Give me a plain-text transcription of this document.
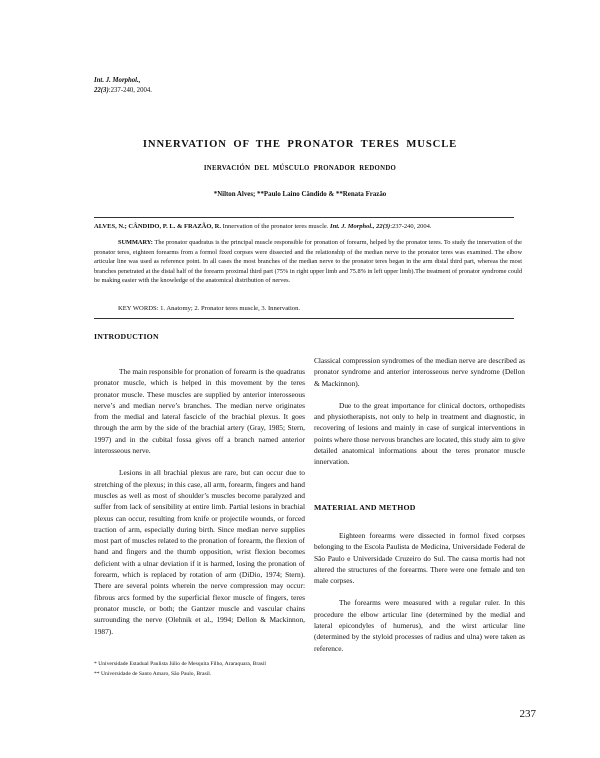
Int. J. Morphol.,
22(3):237-240, 2004.
INNERVATION OF THE PRONATOR TERES MUSCLE
INERVACIÓN DEL MÚSCULO PRONADOR REDONDO
*Nilton Alves; **Paulo Laino Cândido & **Renata Frazão
ALVES, N.; CÂNDIDO, P. L. & FRAZÃO, R. Innervation of the pronator teres muscle. Int. J. Morphol., 22(3):237-240, 2004.
SUMMARY: The pronator quadratus is the principal muscle responsible for pronation of forearm, helped by the pronator teres. To study the innervation of the pronator teres, eighteen forearms from a formol fixed corpses were dissected and the relationship of the median nerve to the pronator teres was examined. The elbow articular line was used as reference point. In all cases the most branches of the median nerve to the pronator teres began in the arm distal third part, whereas the most branches penetrated at the distal half of the forearm proximal third part (75% in right upper limb and 75.8% in left upper limb).The treatment of pronator syndrome could be making easier with the knowledge of the anatomical distribution of nerves.
KEY WORDS: 1. Anatomy; 2. Pronator teres muscle, 3. Innervation.
INTRODUCTION

The main responsible for pronation of forearm is the quadratus pronator muscle, which is helped in this movement by the teres pronator muscle. These muscles are supplied by anterior interosseous nerve’s and median nerve’s branches. The median nerve originates from the medial and lateral fascicle of the brachial plexus. It goes through the arm by the side of the brachial artery (Gray, 1985; Stern, 1997) and in the cubital fossa gives off a branch named anterior interosseous nerve.

Lesions in all brachial plexus are rare, but can occur due to stretching of the plexus; in this case, all arm, forearm, fingers and hand muscles as well as most of shoulder’s muscles become paralyzed and suffer from lack of sensibility at entire limb. Partial lesions in brachial plexus can occur, resulting from knife or projectile wounds, or forced traction of arm, especially during birth. Since median nerve supplies most part of muscles related to the pronation of forearm, the flexion of hand and fingers and the thumb opposition, wrist flexion becomes deficient with a ulnar deviation if it is harmed, losing the pronation of forearm, which is replaced by rotation of arm (DiDio, 1974; Stern). There are several points wherein the nerve compression may occur: fibrous arcs formed by the superficial flexor muscle of fingers, teres pronator muscle, or both; the Gantzer muscle and vascular chains surrounding the nerve (Olehnik et al., 1994; Dellon & Mackinnon, 1987).

Classical compression syndromes of the median nerve are described as pronator syndrome and anterior interosseous nerve syndrome (Dellon & Mackinnon).

Due to the great importance for clinical doctors, orthopedists and physiotherapists, not only to help in treatment and diagnostic, in recovering of lesions and mainly in case of surgical interventions in points where those nervous branches are located, this study aim to give detailed anatomical informations about the teres pronator muscle innervation.

MATERIAL AND METHOD

Eighteen forearms were dissected in formol fixed corpses belonging to the Escola Paulista de Medicina, Universidade Federal de São Paulo e Universidade Cruzeiro do Sul. The causa mortis had not altered the structures of the forearms. There were one female and ten male corpses.

The forearms were measured with a regular ruler. In this procedure the elbow articular line (determined by the medial and lateral epicondyles of humerus), and the wirst articular line (determined by the styloid processes of radius and ulna) were taken as reference.

* Universidade Estadual Paulista Júlio de Mesquita Filho, Araraquara, Brasil
** Universidade de Santo Amaro, São Paulo, Brasil.
237
